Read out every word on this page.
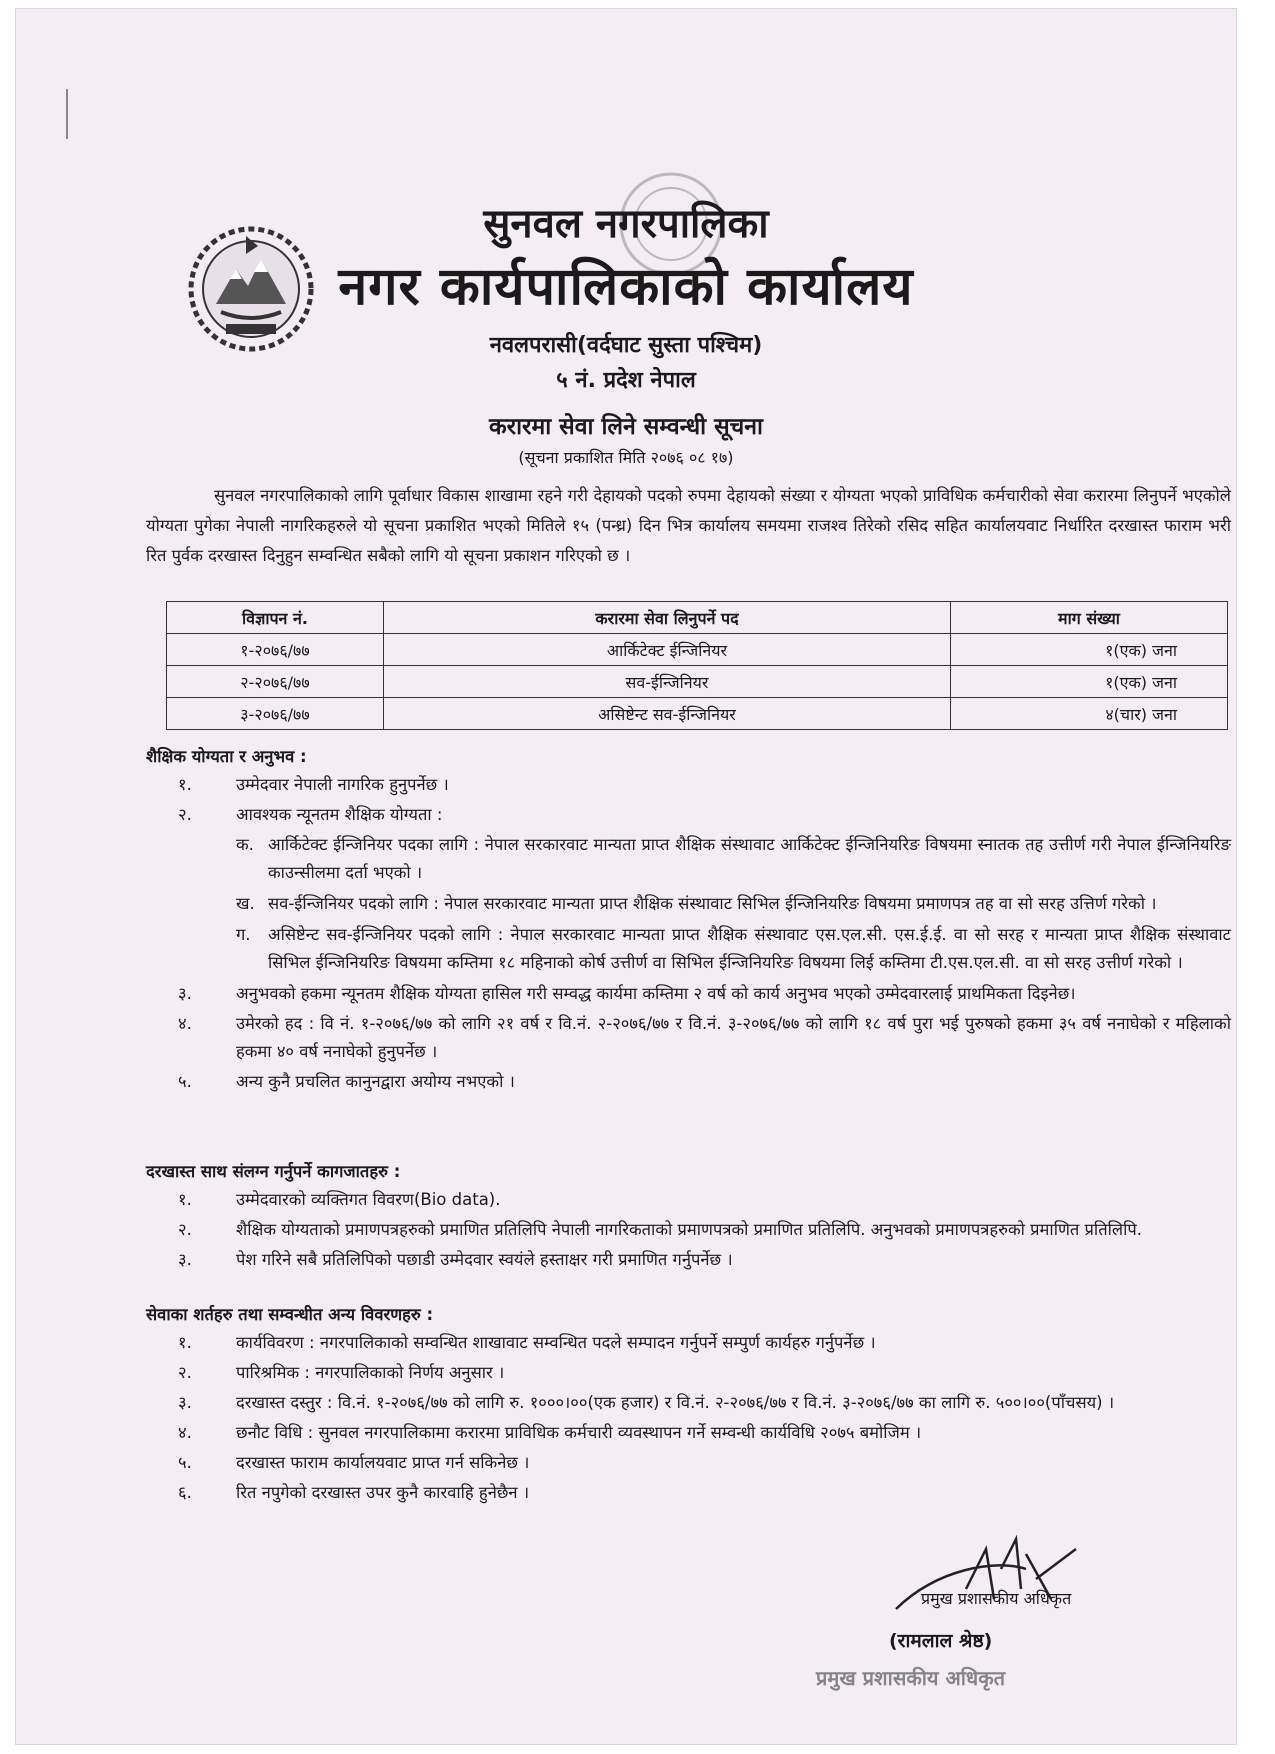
सुनवल नगरपालिका
नगर कार्यपालिकाको कार्यालय
नवलपरासी(वर्दघाट सुस्ता पश्चिम)
५ नं. प्रदेश नेपाल
करारमा सेवा लिने सम्वन्धी सूचना
(सूचना प्रकाशित मिति २०७६ ०८ १७)
सुनवल नगरपालिकाको लागि पूर्वाधार विकास शाखामा रहने गरी देहायको पदको रुपमा देहायको संख्या र योग्यता भएको प्राविधिक कर्मचारीको सेवा करारमा लिनुपर्ने भएकोले योग्यता पुगेका नेपाली नागरिकहरुले यो सूचना प्रकाशित भएको मितिले १५ (पन्ध्र) दिन भित्र कार्यालय समयमा राजश्व तिरेको रसिद सहित कार्यालयवाट निर्धारित दरखास्त फाराम भरी रित पुर्वक दरखास्त दिनुहुन सम्वन्धित सबैको लागि यो सूचना प्रकाशन गरिएको छ ।
विज्ञापन नं.	करारमा सेवा लिनुपर्ने पद	माग संख्या
१-२०७६/७७	आर्किटेक्ट ईन्जिनियर	१(एक) जना
२-२०७६/७७	सव-ईन्जिनियर	१(एक) जना
३-२०७६/७७	असिष्टेन्ट सव-ईन्जिनियर	४(चार) जना
शैक्षिक योग्यता र अनुभव :
१.	उम्मेदवार नेपाली नागरिक हुनुपर्नेछ ।
२.	आवश्यक न्यूनतम शैक्षिक योग्यता :
क. आर्किटेक्ट ईन्जिनियर पदका लागि : नेपाल सरकारवाट मान्यता प्राप्त शैक्षिक संस्थावाट आर्किटेक्ट ईन्जिनियरिङ विषयमा स्नातक तह उत्तीर्ण गरी नेपाल ईन्जिनियरिङ काउन्सीलमा दर्ता भएको ।
ख. सव-ईन्जिनियर पदको लागि : नेपाल सरकारवाट मान्यता प्राप्त शैक्षिक संस्थावाट सिभिल ईन्जिनियरिङ विषयमा प्रमाणपत्र तह वा सो सरह उत्तिर्ण गरेको ।
ग.	असिष्टेन्ट सव-ईन्जिनियर पदको लागि : नेपाल सरकारवाट मान्यता प्राप्त शैक्षिक संस्थावाट एस.एल.सी. एस.ई.ई. वा सो सरह र मान्यता प्राप्त शैक्षिक संस्थावाट सिभिल ईन्जिनियरिङ विषयमा कम्तिमा १८ महिनाको कोर्ष उत्तीर्ण वा सिभिल ईन्जिनियरिङ विषयमा लिई कम्तिमा टी.एस.एल.सी. वा सो सरह उत्तीर्ण गरेको ।
३.	अनुभवको हकमा न्यूनतम शैक्षिक योग्यता हासिल गरी सम्वद्ध कार्यमा कम्तिमा २ वर्ष को कार्य अनुभव भएको उम्मेदवारलाई प्राथमिकता दिइनेछ।
४.	उमेरको हद : वि नं. १-२०७६/७७ को लागि २१ वर्ष र वि.नं. २-२०७६/७७ र वि.नं. ३-२०७६/७७ को लागि १८ वर्ष पुरा भई पुरुषको हकमा ३५ वर्ष ननाघेको र महिलाको हकमा ४० वर्ष ननाघेको हुनुपर्नेछ ।
५.	अन्य कुनै प्रचलित कानुनद्वारा अयोग्य नभएको ।
दरखास्त साथ संलग्न गर्नुपर्ने कागजातहरु :
१.	उम्मेदवारको व्यक्तिगत विवरण(Bio data).
२.	शैक्षिक योग्यताको प्रमाणपत्रहरुको प्रमाणित प्रतिलिपि नेपाली नागरिकताको प्रमाणपत्रको प्रमाणित प्रतिलिपि. अनुभवको प्रमाणपत्रहरुको प्रमाणित प्रतिलिपि.
३.	पेश गरिने सबै प्रतिलिपिको पछाडी उम्मेदवार स्वयंले हस्ताक्षर गरी प्रमाणित गर्नुपर्नेछ ।
सेवाका शर्तहरु तथा सम्वन्धीत अन्य विवरणहरु :
१.	कार्यविवरण : नगरपालिकाको सम्वन्धित शाखावाट सम्वन्धित पदले सम्पादन गर्नुपर्ने सम्पुर्ण कार्यहरु गर्नुपर्नेछ ।
२.	पारिश्रमिक : नगरपालिकाको निर्णय अनुसार ।
३.	दरखास्त दस्तुर : वि.नं. १-२०७६/७७ को लागि रु. १०००।००(एक हजार) र वि.नं. २-२०७६/७७ र वि.नं. ३-२०७६/७७ का लागि रु. ५००।००(पाँचसय) ।
४.	छनौट विधि : सुनवल नगरपालिकामा करारमा प्राविधिक कर्मचारी व्यवस्थापन गर्ने सम्वन्धी कार्यविधि २०७५ बमोजिम ।
५.	दरखास्त फाराम कार्यालयवाट प्राप्त गर्न सकिनेछ ।
६.	रित नपुगेको दरखास्त उपर कुनै कारवाहि हुनेछैन ।
प्रमुख प्रशासकीय अधिकृत
(रामलाल श्रेष्ठ)
प्रमुख प्रशासकीय अधिकृत
